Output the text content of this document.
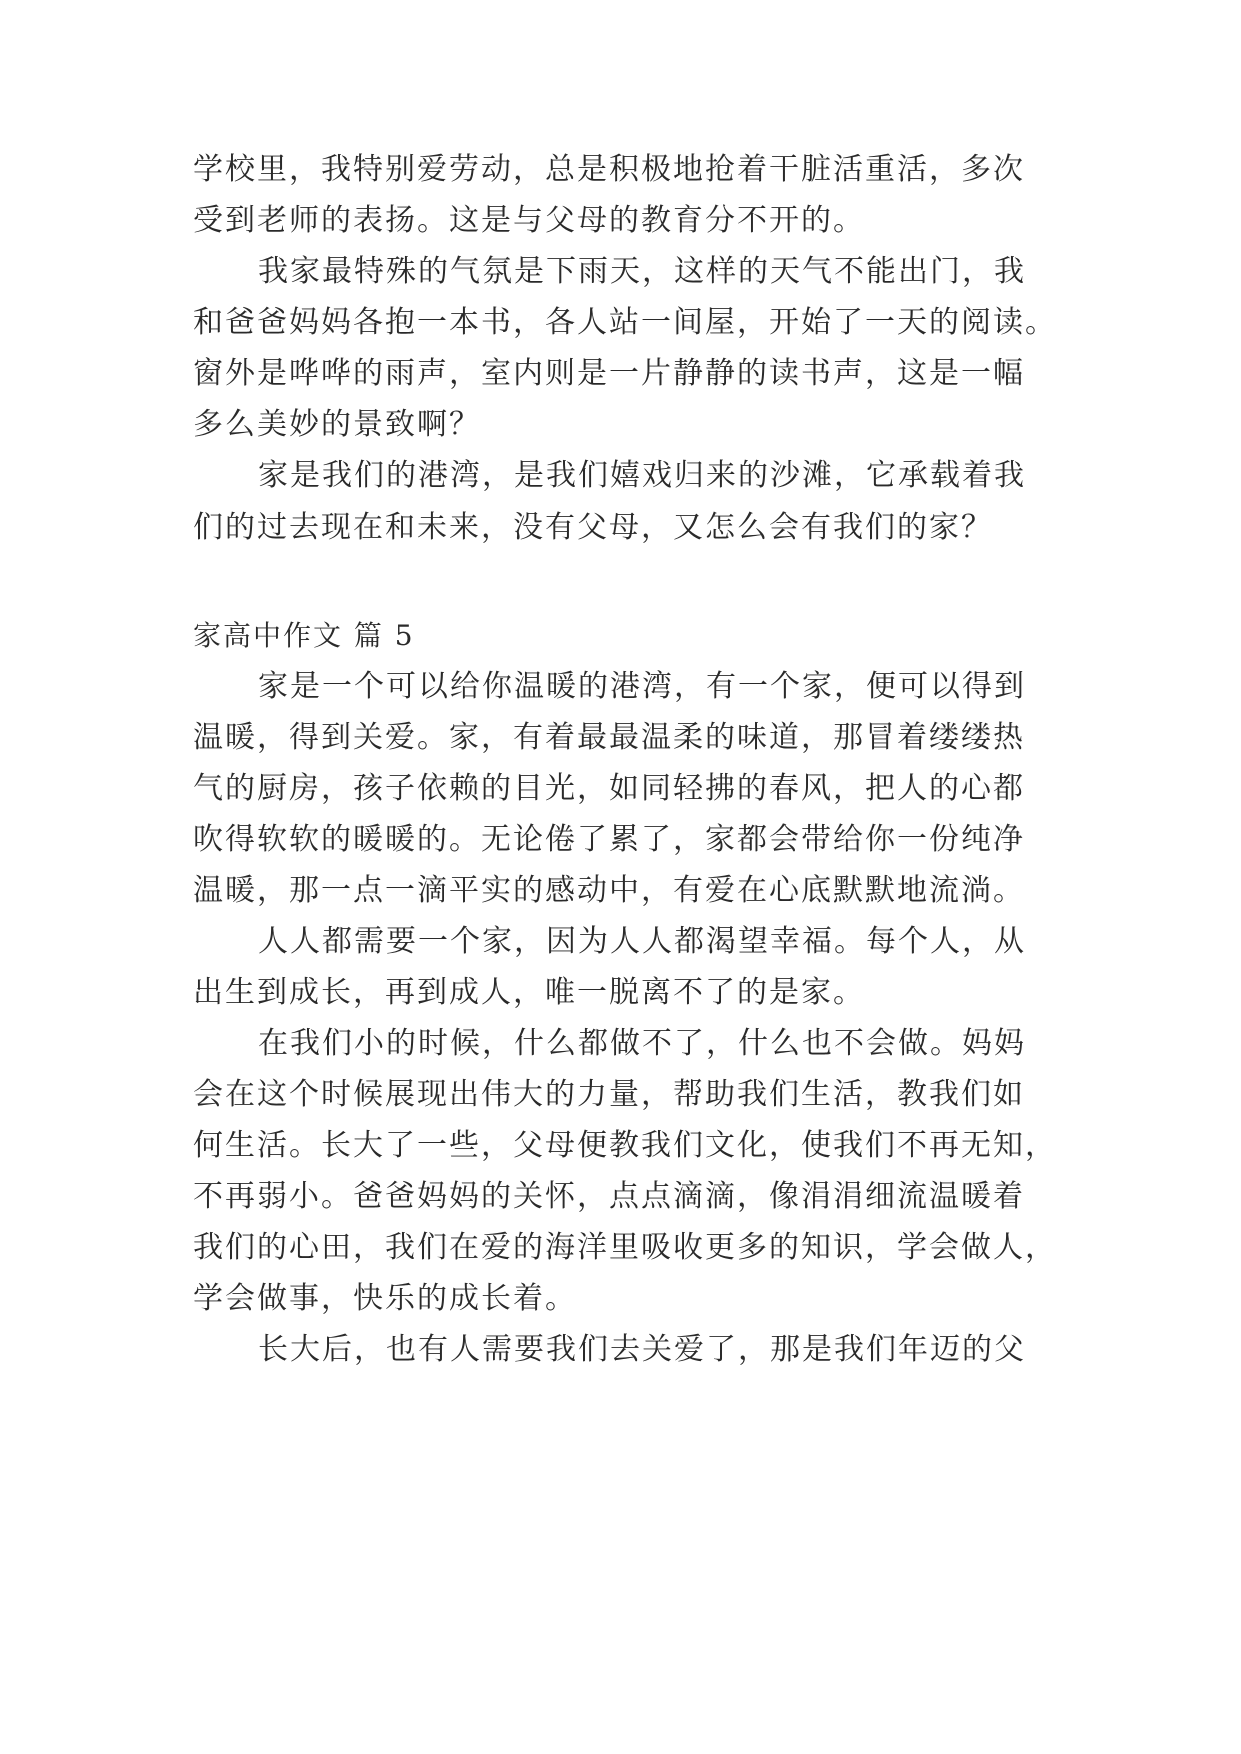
学校里，我特别爱劳动，总是积极地抢着干脏活重活，多次
受到老师的表扬。这是与父母的教育分不开的。
我家最特殊的气氛是下雨天，这样的天气不能出门，我
和爸爸妈妈各抱一本书，各人站一间屋，开始了一天的阅读。
窗外是哗哗的雨声，室内则是一片静静的读书声，这是一幅
多么美妙的景致啊？
家是我们的港湾，是我们嬉戏归来的沙滩，它承载着我
们的过去现在和未来，没有父母，又怎么会有我们的家？
家高中作文 篇 5
家是一个可以给你温暖的港湾，有一个家，便可以得到
温暖，得到关爱。家，有着最最温柔的味道，那冒着缕缕热
气的厨房，孩子依赖的目光，如同轻拂的春风，把人的心都
吹得软软的暖暖的。无论倦了累了，家都会带给你一份纯净
温暖，那一点一滴平实的感动中，有爱在心底默默地流淌。
人人都需要一个家，因为人人都渴望幸福。每个人，从
出生到成长，再到成人，唯一脱离不了的是家。
在我们小的时候，什么都做不了，什么也不会做。妈妈
会在这个时候展现出伟大的力量，帮助我们生活，教我们如
何生活。长大了一些，父母便教我们文化，使我们不再无知，
不再弱小。爸爸妈妈的关怀，点点滴滴，像涓涓细流温暖着
我们的心田，我们在爱的海洋里吸收更多的知识，学会做人，
学会做事，快乐的成长着。
长大后，也有人需要我们去关爱了，那是我们年迈的父
